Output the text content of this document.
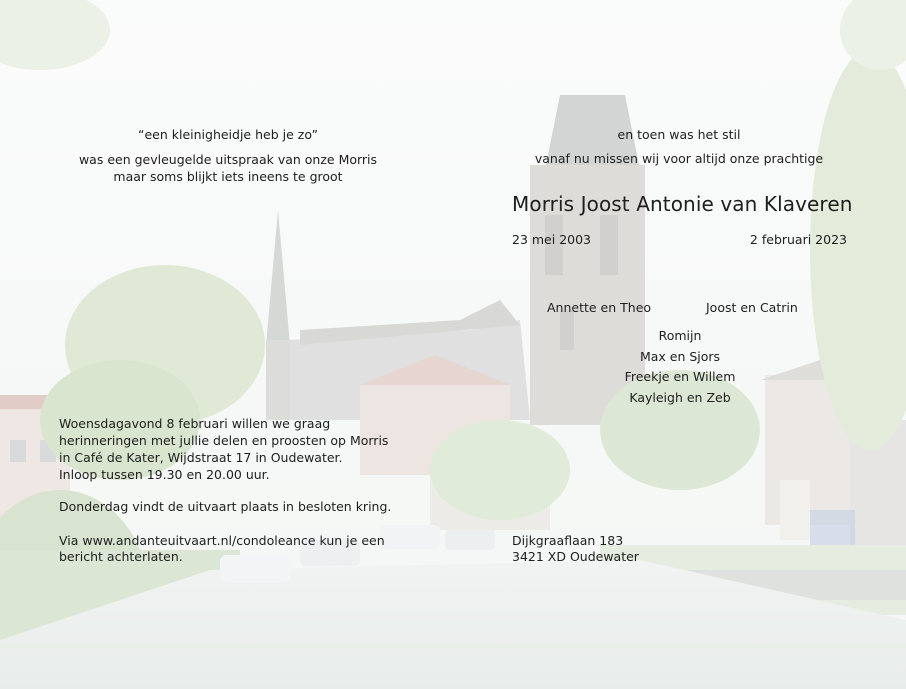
“een kleinigheidje heb je zo”
was een gevleugelde uitspraak van onze Morris
maar soms blijkt iets ineens te groot
Woensdagavond 8 februari willen we graag
herinneringen met jullie delen en proosten op Morris
in Café de Kater, Wijdstraat 17 in Oudewater.
Inloop tussen 19.30 en 20.00 uur.
Donderdag vindt de uitvaart plaats in besloten kring.
Via www.andanteuitvaart.nl/condoleance kun je een
bericht achterlaten.
en toen was het stil
vanaf nu missen wij voor altijd onze prachtige
Morris Joost Antonie van Klaveren
23 mei 2003	2 februari 2023
Annette en Theo	Joost en Catrin
Romijn
Max en Sjors
Freekje en Willem
Kayleigh en Zeb
Dijkgraaflaan 183
3421 XD Oudewater
